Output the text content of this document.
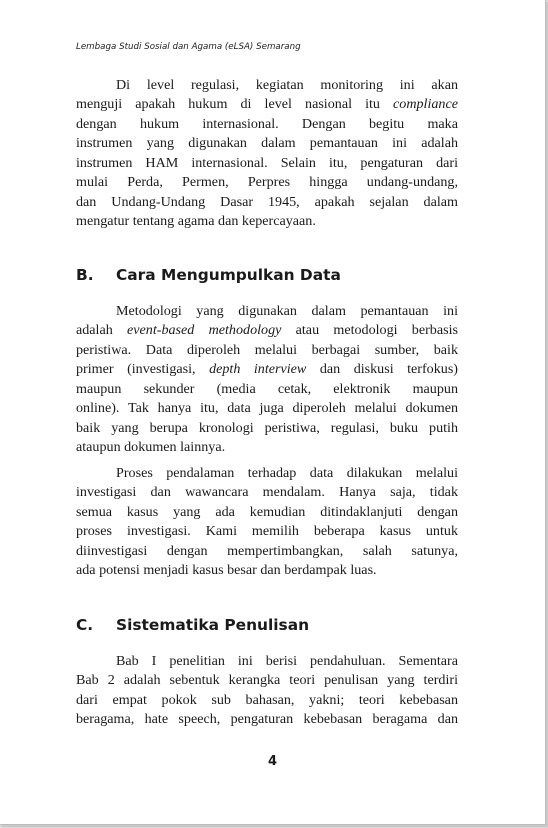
Lembaga Studi Sosial dan Agama (eLSA) Semarang
Di level regulasi, kegiatan monitoring ini akan
menguji apakah hukum di level nasional itu compliance
dengan hukum internasional. Dengan begitu maka
instrumen yang digunakan dalam pemantauan ini adalah
instrumen HAM internasional. Selain itu, pengaturan dari
mulai Perda, Permen, Perpres hingga undang-undang,
dan Undang-Undang Dasar 1945, apakah sejalan dalam
mengatur tentang agama dan kepercayaan.
B. Cara Mengumpulkan Data
Metodologi yang digunakan dalam pemantauan ini
adalah event-based methodology atau metodologi berbasis
peristiwa. Data diperoleh melalui berbagai sumber, baik
primer (investigasi, depth interview dan diskusi terfokus)
maupun sekunder (media cetak, elektronik maupun
online). Tak hanya itu, data juga diperoleh melalui dokumen
baik yang berupa kronologi peristiwa, regulasi, buku putih
ataupun dokumen lainnya.
Proses pendalaman terhadap data dilakukan melalui
investigasi dan wawancara mendalam. Hanya saja, tidak
semua kasus yang ada kemudian ditindaklanjuti dengan
proses investigasi. Kami memilih beberapa kasus untuk
diinvestigasi dengan mempertimbangkan, salah satunya,
ada potensi menjadi kasus besar dan berdampak luas.
C. Sistematika Penulisan
Bab I penelitian ini berisi pendahuluan. Sementara
Bab 2 adalah sebentuk kerangka teori penulisan yang terdiri
dari empat pokok sub bahasan, yakni; teori kebebasan
beragama, hate speech, pengaturan kebebasan beragama dan
4
